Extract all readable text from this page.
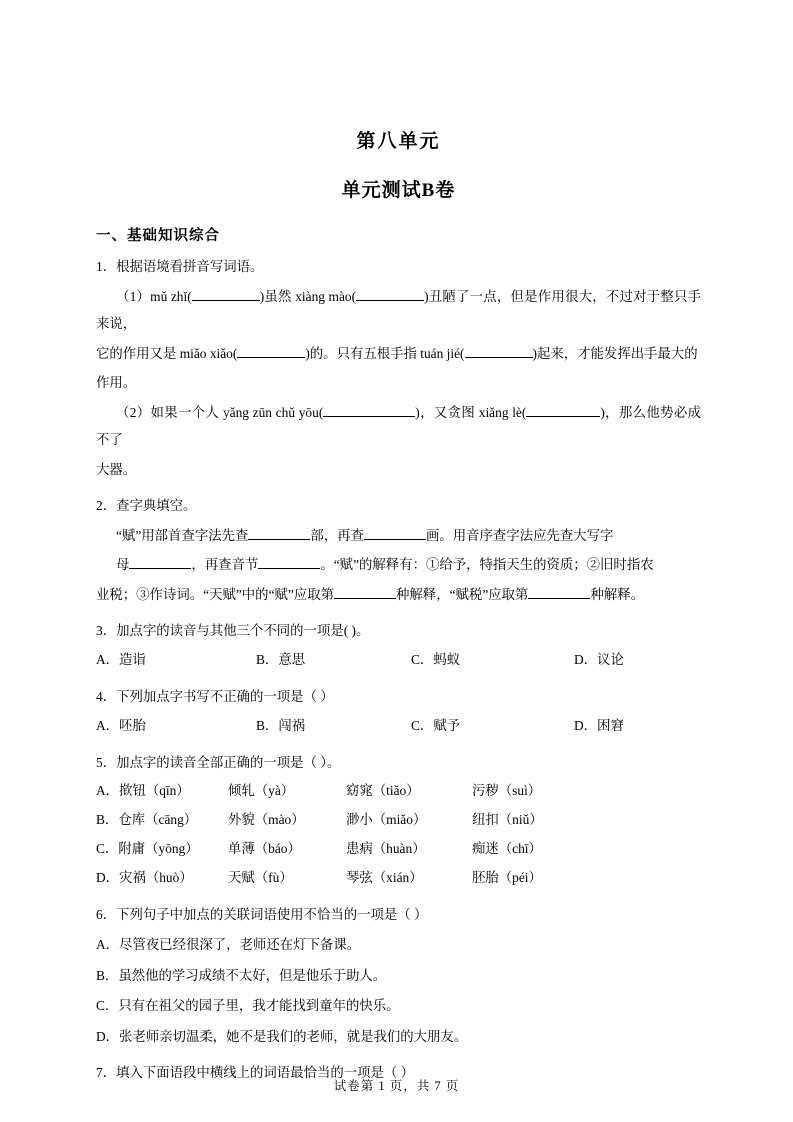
第八单元
单元测试B卷
一、基础知识综合
1．根据语境看拼音写词语。
（1）mǔ zhǐ(	)虽然 xiàng mào(	)丑陋了一点，但是作用很大，不过对于整只手来说，
它的作用又是 miǎo xiǎo(	)的。只有五根手指 tuán jié(	)起来，才能发挥出手最大的
作用。
（2）如果一个人 yǎng zūn chǔ yōu(	)，又贪图 xiǎng lè(	)，那么他势必成不了
大器。
2．查字典填空。
“赋”用部首查字法先查	部，再查	画。用音序查字法应先查大写字
母	，再查音节	。“赋”的解释有：①给予，特指天生的资质；②旧时指农
业税；③作诗词。“天赋”中的“赋”应取第	种解释，“赋税”应取第	种解释。
3．加点字的读音与其他三个不同的一项是( )。
A．造诣	B．意思	C．蚂蚁	D．议论
4．下列加点字书写不正确的一项是（ ）
A．呸胎	B．闯祸	C．赋予	D．困窘
5．加点字的读音全部正确的一项是（ ）。
A．揿钮（qīn）	倾轧（yà）	窈窕（tiǎo）	污秽（suì）
B．仓库（cāng）	外貌（mào）	渺小（miǎo）	纽扣（niǔ）
C．附庸（yōng）	单薄（báo）	患病（huàn）	痴迷（chī）
D．灾祸（huò）	天赋（fù）	琴弦（xián）	胚胎（péi）
6．下列句子中加点的关联词语使用不恰当的一项是（ ）
A．尽管夜已经很深了，老师还在灯下备课。
B．虽然他的学习成绩不太好，但是他乐于助人。
C．只有在祖父的园子里，我才能找到童年的快乐。
D．张老师亲切温柔，她不是我们的老师，就是我们的大朋友。
7．填入下面语段中横线上的词语最恰当的一项是（ ）
试卷第 1 页，共 7 页
